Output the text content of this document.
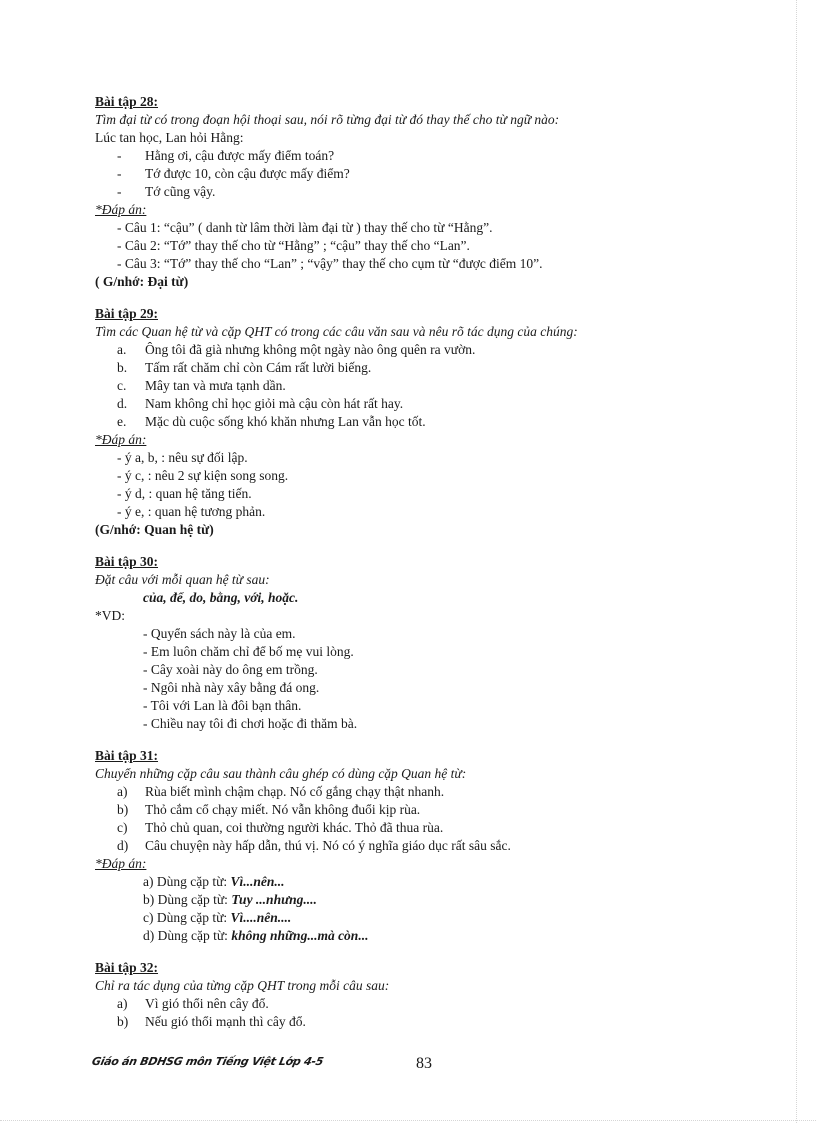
Bài tập 28:
Tìm đại từ có trong đoạn hội thoại sau, nói rõ từng đại từ đó thay thế cho từ ngữ nào:
Lúc tan học, Lan hỏi Hằng:
- Hằng ơi, cậu được mấy điểm toán?
- Tớ được 10, còn cậu được mấy điểm?
- Tớ cũng vậy.
*Đáp án:
- Câu 1: “cậu” ( danh từ lâm thời làm đại từ ) thay thế cho từ “Hằng”.
- Câu 2: “Tớ” thay thế cho từ “Hằng” ; “cậu” thay thế cho “Lan”.
- Câu 3: “Tớ” thay thế cho “Lan” ; “vậy” thay thế cho cụm từ “được điểm 10”.
( G/nhớ: Đại từ)
Bài tập 29:
Tìm các Quan hệ từ và cặp QHT có trong các câu văn sau và nêu rõ tác dụng của chúng:
a. Ông tôi đã già nhưng không một ngày nào ông quên ra vườn.
b. Tấm rất chăm chỉ còn Cám rất lười biếng.
c. Mây tan và mưa tạnh dần.
d. Nam không chỉ học giỏi mà cậu còn hát rất hay.
e. Mặc dù cuộc sống khó khăn nhưng Lan vẫn học tốt.
*Đáp án:
- ý a, b, : nêu sự đối lập.
- ý c, : nêu 2 sự kiện song song.
- ý d, : quan hệ tăng tiến.
- ý e, : quan hệ tương phản.
(G/nhớ: Quan hệ từ)
Bài tập 30:
Đặt câu với mỗi quan hệ từ sau:
của, để, do, bằng, với, hoặc.
*VD:
- Quyển sách này là của em.
- Em luôn chăm chỉ để bố mẹ vui lòng.
- Cây xoài này do ông em trồng.
- Ngôi nhà này xây bằng đá ong.
- Tôi với Lan là đôi bạn thân.
- Chiều nay tôi đi chơi hoặc đi thăm bà.
Bài tập 31:
Chuyển những cặp câu sau thành câu ghép có dùng cặp Quan hệ từ:
a) Rùa biết mình chậm chạp. Nó cố gắng chạy thật nhanh.
b) Thỏ cắm cổ chạy miết. Nó vẫn không đuổi kịp rùa.
c) Thỏ chủ quan, coi thường người khác. Thỏ đã thua rùa.
d) Câu chuyện này hấp dẫn, thú vị. Nó có ý nghĩa giáo dục rất sâu sắc.
*Đáp án:
a) Dùng cặp từ: Vì...nên...
b) Dùng cặp từ: Tuy ...nhưng....
c) Dùng cặp từ: Vì....nên....
d) Dùng cặp từ: không những...mà còn...
Bài tập 32:
Chỉ ra tác dụng của từng cặp QHT trong mỗi câu sau:
a) Vì gió thổi nên cây đổ.
b) Nếu gió thổi mạnh thì cây đổ.
Giáo án BDHSG môn Tiếng Việt Lớp 4-5	83
